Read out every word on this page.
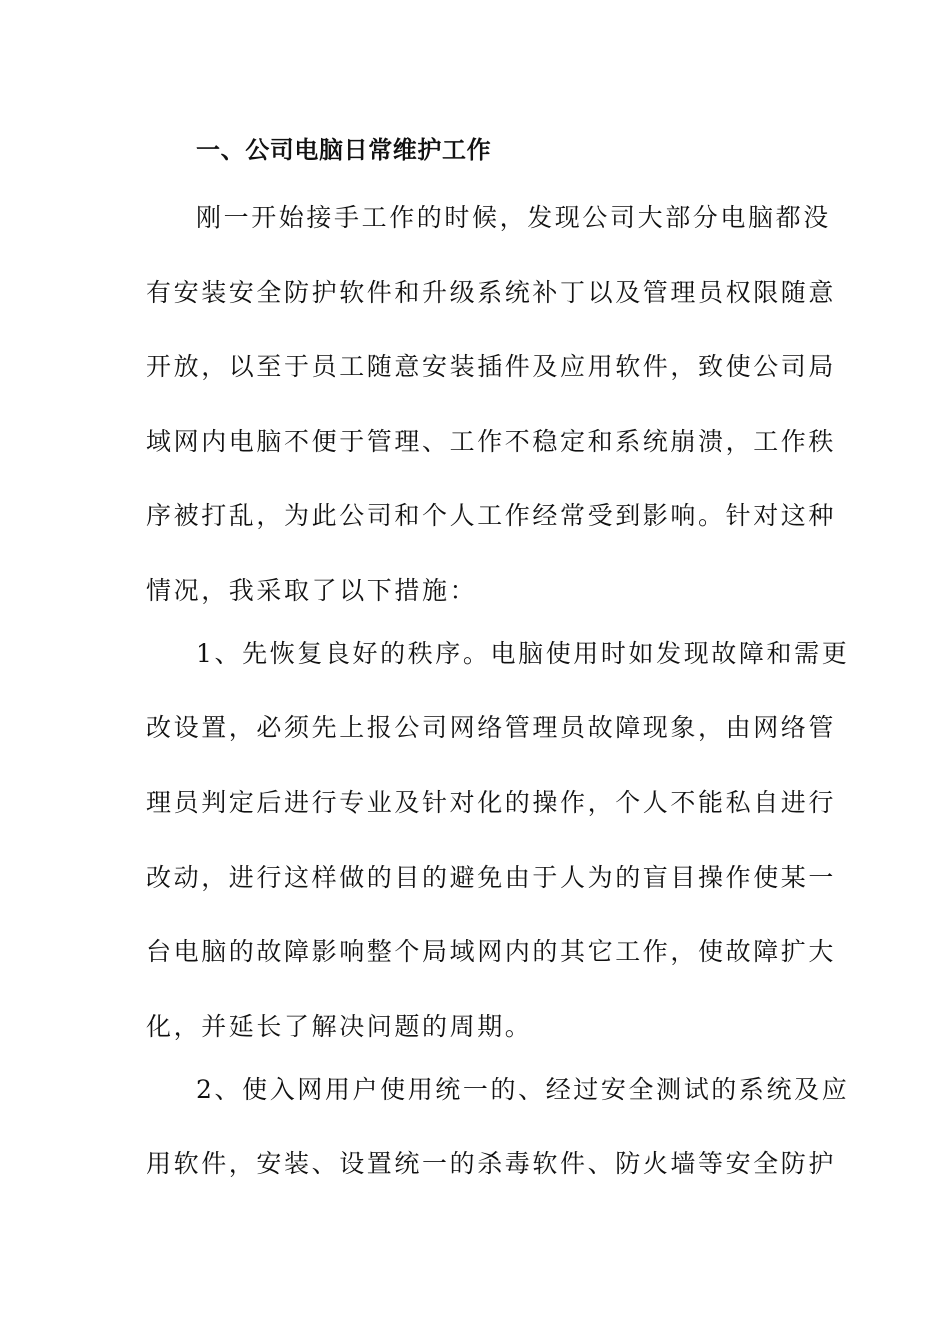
一、公司电脑日常维护工作
刚一开始接手工作的时候，发现公司大部分电脑都没
有安装安全防护软件和升级系统补丁以及管理员权限随意
开放，以至于员工随意安装插件及应用软件，致使公司局
域网内电脑不便于管理、工作不稳定和系统崩溃，工作秩
序被打乱，为此公司和个人工作经常受到影响。针对这种
情况，我采取了以下措施：
1、先恢复良好的秩序。电脑使用时如发现故障和需更
改设置，必须先上报公司网络管理员故障现象，由网络管
理员判定后进行专业及针对化的操作，个人不能私自进行
改动，进行这样做的目的避免由于人为的盲目操作使某一
台电脑的故障影响整个局域网内的其它工作，使故障扩大
化，并延长了解决问题的周期。
2、使入网用户使用统一的、经过安全测试的系统及应
用软件，安装、设置统一的杀毒软件、防火墙等安全防护
